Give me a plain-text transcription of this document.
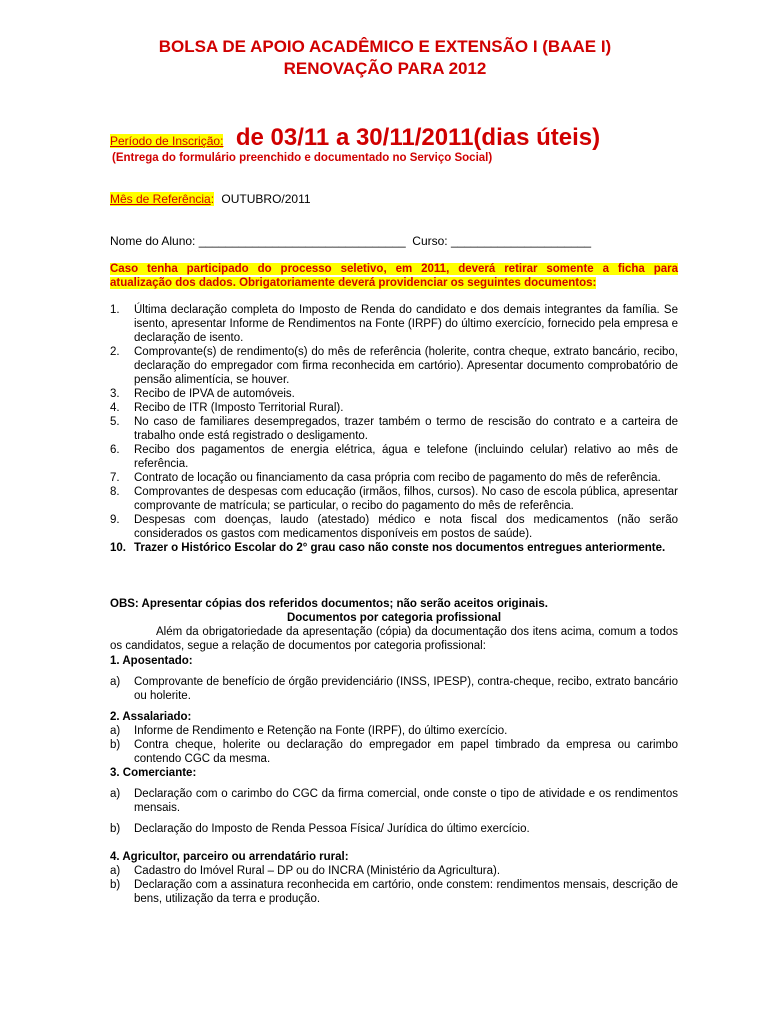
BOLSA DE APOIO ACADÊMICO E EXTENSÃO I (BAAE I)
RENOVAÇÃO PARA 2012
Período de Inscrição: de 03/11 a 30/11/2011(dias úteis)
(Entrega do formulário preenchido e documentado no Serviço Social)
Mês de Referência: OUTUBRO/2011
Nome do Aluno: _______________________________  Curso: _____________________
Caso tenha participado do processo seletivo, em 2011, deverá retirar somente a ficha para
atualização dos dados. Obrigatoriamente deverá providenciar os seguintes documentos:
1. Última declaração completa do Imposto de Renda do candidato e dos demais integrantes da família. Se isento, apresentar Informe de Rendimentos na Fonte (IRPF) do último exercício, fornecido pela empresa e declaração de isento.
2. Comprovante(s) de rendimento(s) do mês de referência (holerite, contra cheque, extrato bancário, recibo, declaração do empregador com firma reconhecida em cartório). Apresentar documento comprobatório de pensão alimentícia, se houver.
3. Recibo de IPVA de automóveis.
4. Recibo de ITR (Imposto Territorial Rural).
5. No caso de familiares desempregados, trazer também o termo de rescisão do contrato e a carteira de trabalho onde está registrado o desligamento.
6. Recibo dos pagamentos de energia elétrica, água e telefone (incluindo celular) relativo ao mês de referência.
7. Contrato de locação ou financiamento da casa própria com recibo de pagamento do mês de referência.
8. Comprovantes de despesas com educação (irmãos, filhos, cursos). No caso de escola pública, apresentar comprovante de matrícula; se particular, o recibo do pagamento do mês de referência.
9. Despesas com doenças, laudo (atestado) médico e nota fiscal dos medicamentos (não serão considerados os gastos com medicamentos disponíveis em postos de saúde).
10. Trazer o Histórico Escolar do 2° grau caso não conste nos documentos entregues anteriormente.
OBS: Apresentar cópias dos referidos documentos; não serão aceitos originais.
Documentos por categoria profissional
Além da obrigatoriedade da apresentação (cópia) da documentação dos itens acima, comum a todos os candidatos, segue a relação de documentos por categoria profissional:
1. Aposentado:
a) Comprovante de benefício de órgão previdenciário (INSS, IPESP), contra-cheque, recibo, extrato bancário ou holerite.
2. Assalariado:
a) Informe de Rendimento e Retenção na Fonte (IRPF), do último exercício.
b) Contra cheque, holerite ou declaração do empregador em papel timbrado da empresa ou carimbo contendo CGC da mesma.
3. Comerciante:
a) Declaração com o carimbo do CGC da firma comercial, onde conste o tipo de atividade e os rendimentos mensais.
b) Declaração do Imposto de Renda Pessoa Física/ Jurídica do último exercício.
4. Agricultor, parceiro ou arrendatário rural:
a) Cadastro do Imóvel Rural – DP ou do INCRA (Ministério da Agricultura).
b) Declaração com a assinatura reconhecida em cartório, onde constem: rendimentos mensais, descrição de bens, utilização da terra e produção.
